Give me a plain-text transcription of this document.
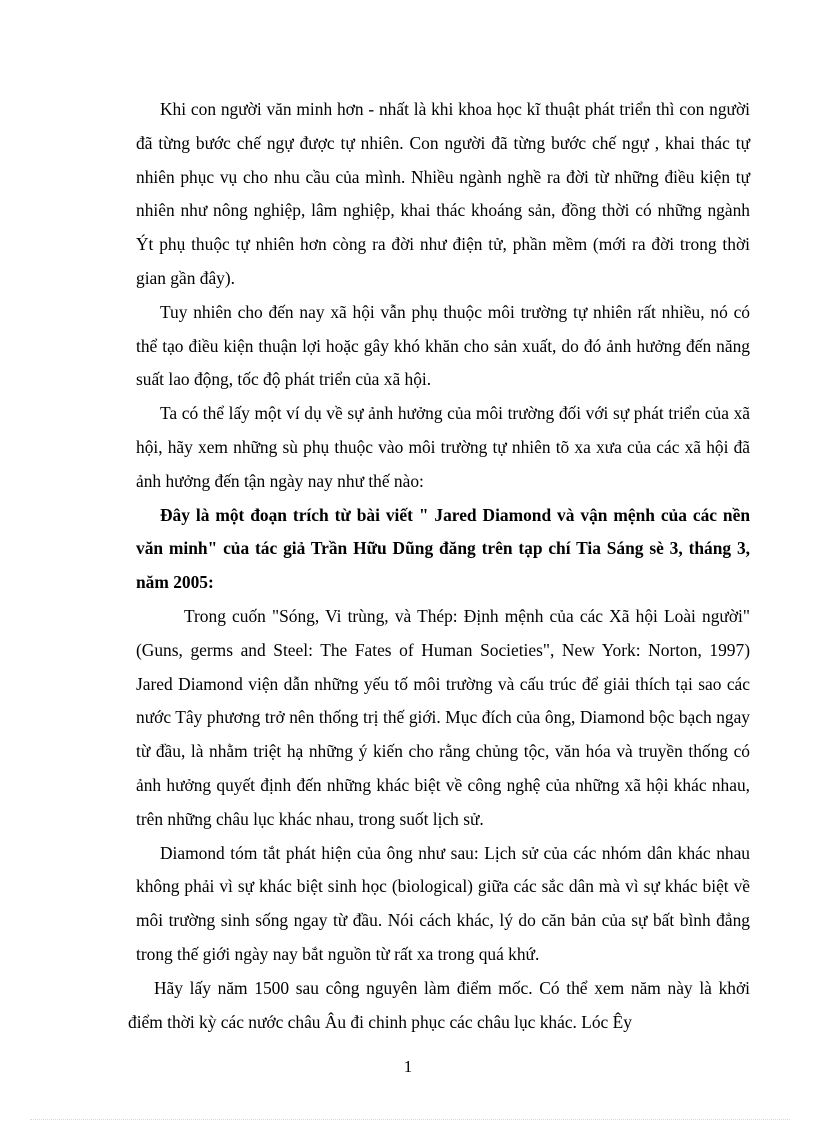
Khi con người văn minh hơn - nhất là khi khoa học kĩ thuật phát triển thì con người đã từng bước chế ngự được tự nhiên. Con người đã từng bước chế ngự , khai thác tự nhiên phục vụ cho nhu cầu của mình. Nhiều ngành nghề ra đời từ những điều kiện tự nhiên như nông nghiệp, lâm nghiệp, khai thác khoáng sản, đồng thời có những ngành Ýt phụ thuộc tự nhiên hơn còng ra đời như điện tử, phần mềm (mới ra đời trong thời gian gần đây).

Tuy nhiên cho đến nay xã hội vẫn phụ thuộc môi trường tự nhiên rất nhiều, nó có thể tạo điều kiện thuận lợi hoặc gây khó khăn cho sản xuất, do đó ảnh hưởng đến năng suất lao động, tốc độ phát triển của xã hội.

Ta có thể lấy một ví dụ về sự ảnh hưởng của môi trường đối với sự phát triển của xã hội, hãy xem những sù phụ thuộc vào môi trường tự nhiên tõ xa xưa của các xã hội đã ảnh hưởng đến tận ngày nay như thế nào:

Đây là một đoạn trích từ bài viết " Jared Diamond và vận mệnh của các nền văn minh" của tác giả Trần Hữu Dũng đăng trên tạp chí Tia Sáng sè 3, tháng 3, năm 2005:

Trong cuốn "Sóng, Vi trùng, và Thép: Định mệnh của các Xã hội Loài người" (Guns, germs and Steel: The Fates of Human Societies", New York: Norton, 1997) Jared Diamond viện dẫn những yếu tố môi trường và cấu trúc để giải thích tại sao các nước Tây phương trở nên thống trị thế giới. Mục đích của ông, Diamond bộc bạch ngay từ đầu, là nhằm triệt hạ những ý kiến cho rằng chủng tộc, văn hóa và truyền thống có ảnh hưởng quyết định đến những khác biệt về công nghệ của những xã hội khác nhau, trên những châu lục khác nhau, trong suốt lịch sử.

Diamond tóm tắt phát hiện của ông như sau: Lịch sử của các nhóm dân khác nhau không phải vì sự khác biệt sinh học (biological) giữa các sắc dân mà vì sự khác biệt về môi trường sinh sống ngay từ đầu. Nói cách khác, lý do căn bản của sự bất bình đẳng trong thế giới ngày nay bắt nguồn từ rất xa trong quá khứ.

Hãy lấy năm 1500 sau công nguyên làm điểm mốc. Có thể xem năm này là khởi điểm thời kỳ các nước châu Âu đi chinh phục các châu lục khác. Lóc Êy

1
